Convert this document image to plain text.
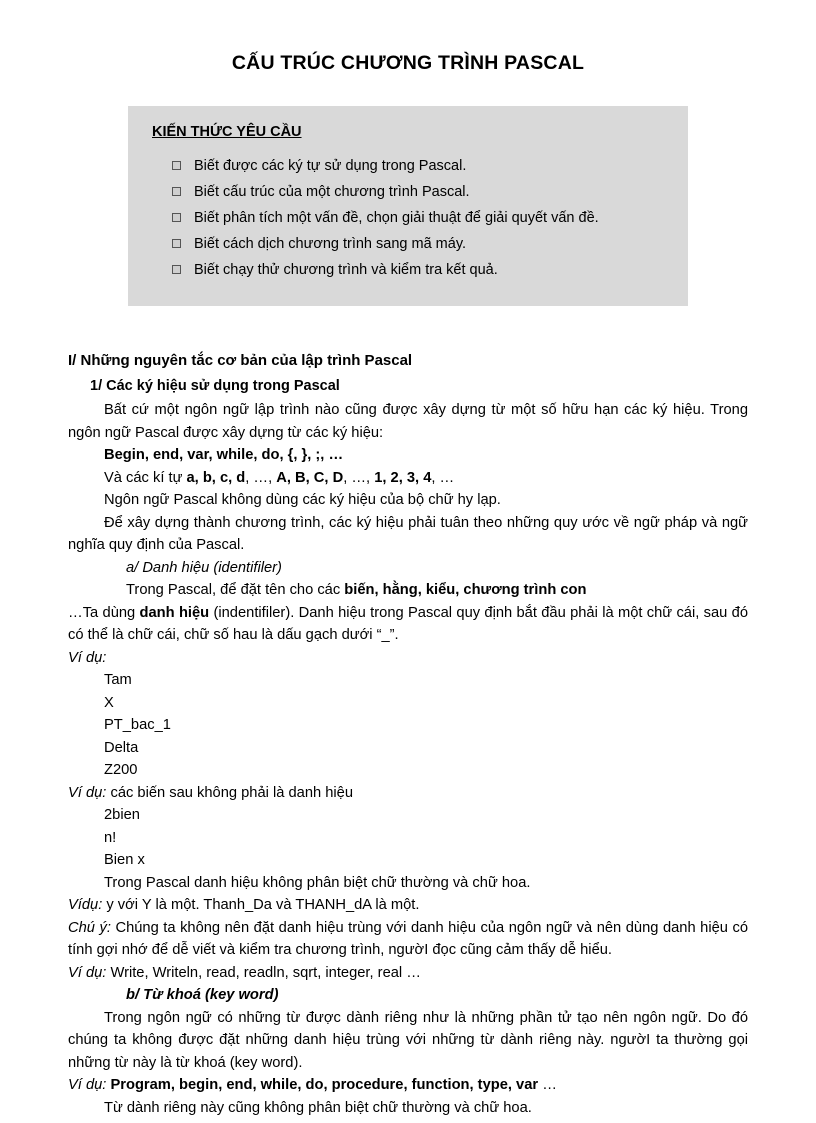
CẤU TRÚC CHƯƠNG TRÌNH PASCAL
KIẾN THỨC YÊU CẦU
Biết được các ký tự sử dụng trong Pascal.
Biết cấu trúc của một chương trình Pascal.
Biết phân tích một vấn đề, chọn giải thuật để giải quyết vấn đề.
Biết cách dịch chương trình sang mã máy.
Biết chạy thử chương trình và kiểm tra kết quả.

I/ Những nguyên tắc cơ bản của lập trình Pascal

1/ Các ký hiệu sử dụng trong Pascal

Bất cứ một ngôn ngữ lập trình nào cũng được xây dựng từ một số hữu hạn các ký hiệu. Trong ngôn ngữ Pascal được xây dựng từ các ký hiệu:

Begin, end, var, while, do, {, }, ;, …

Và các kí tự a, b, c, d, …, A, B, C, D, …, 1, 2, 3, 4, …

Ngôn ngữ Pascal không dùng các ký hiệu của bộ chữ hy lạp.

Để xây dựng thành chương trình, các ký hiệu phải tuân theo những quy ước về ngữ pháp và ngữ nghĩa quy định của Pascal.

a/ Danh hiệu (identifiler)

Trong Pascal, để đặt tên cho các biến, hằng, kiểu, chương trình con
…Ta dùng danh hiệu (indentifiler). Danh hiệu trong Pascal quy định bắt đầu phải là một chữ cái, sau đó có thể là chữ cái, chữ số hau là dấu gạch dưới “_”.

Ví dụ:

Tam

X

PT_bac_1

Delta

Z200

Ví dụ: các biến sau không phải là danh hiệu

2bien

n!

Bien x

Trong Pascal danh hiệu không phân biệt chữ thường và chữ hoa.

Vídụ: y với Y là một. Thanh_Da và THANH_dA là một.

Chú ý: Chúng ta không nên đặt danh hiệu trùng với danh hiệu của ngôn ngữ và nên dùng danh hiệu có tính gợi nhớ để dễ viết và kiểm tra chương trình, ngườI đọc cũng cảm thấy dễ hiểu.

Ví dụ: Write, Writeln, read, readln, sqrt, integer, real …

b/ Từ khoá (key word)

Trong ngôn ngữ có những từ được dành riêng như là những phần tử tạo nên ngôn ngữ. Do đó chúng ta không được đặt những danh hiệu trùng với những từ dành riêng này. ngườI ta thường gọi những từ này là từ khoá (key word).

Ví dụ: Program, begin, end, while, do, procedure, function, type, var …

Từ dành riêng này cũng không phân biệt chữ thường và chữ hoa.
